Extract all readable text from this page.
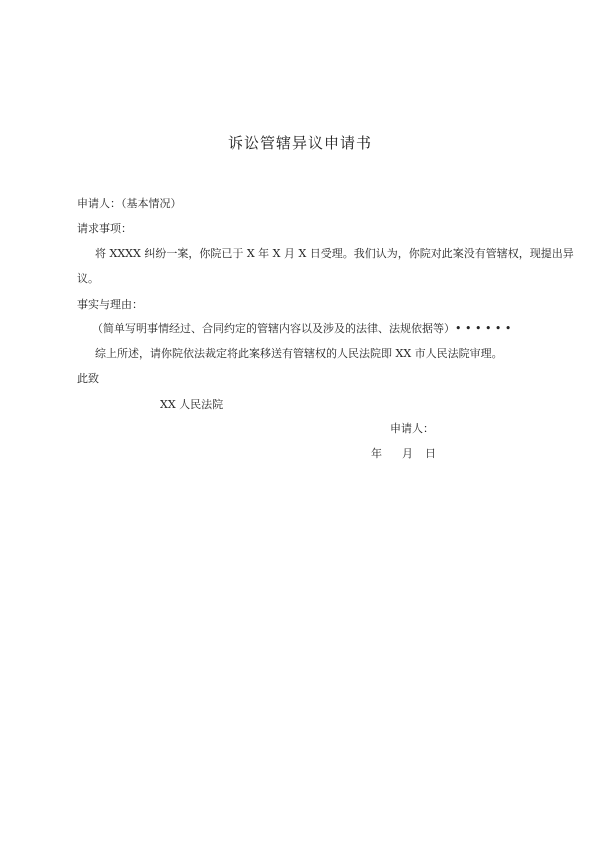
诉讼管辖异议申请书
申请人：（基本情况）
请求事项：
将 XXXX 纠纷一案，你院已于 X 年 X 月 X 日受理。我们认为，你院对此案没有管辖权，现提出异
议。
事实与理由：
（简单写明事情经过、合同约定的管辖内容以及涉及的法律、法规依据等）• • • • • •
综上所述，请你院依法裁定将此案移送有管辖权的人民法院即 XX 市人民法院审理。
此致
XX 人民法院
申请人：
年 月 日
